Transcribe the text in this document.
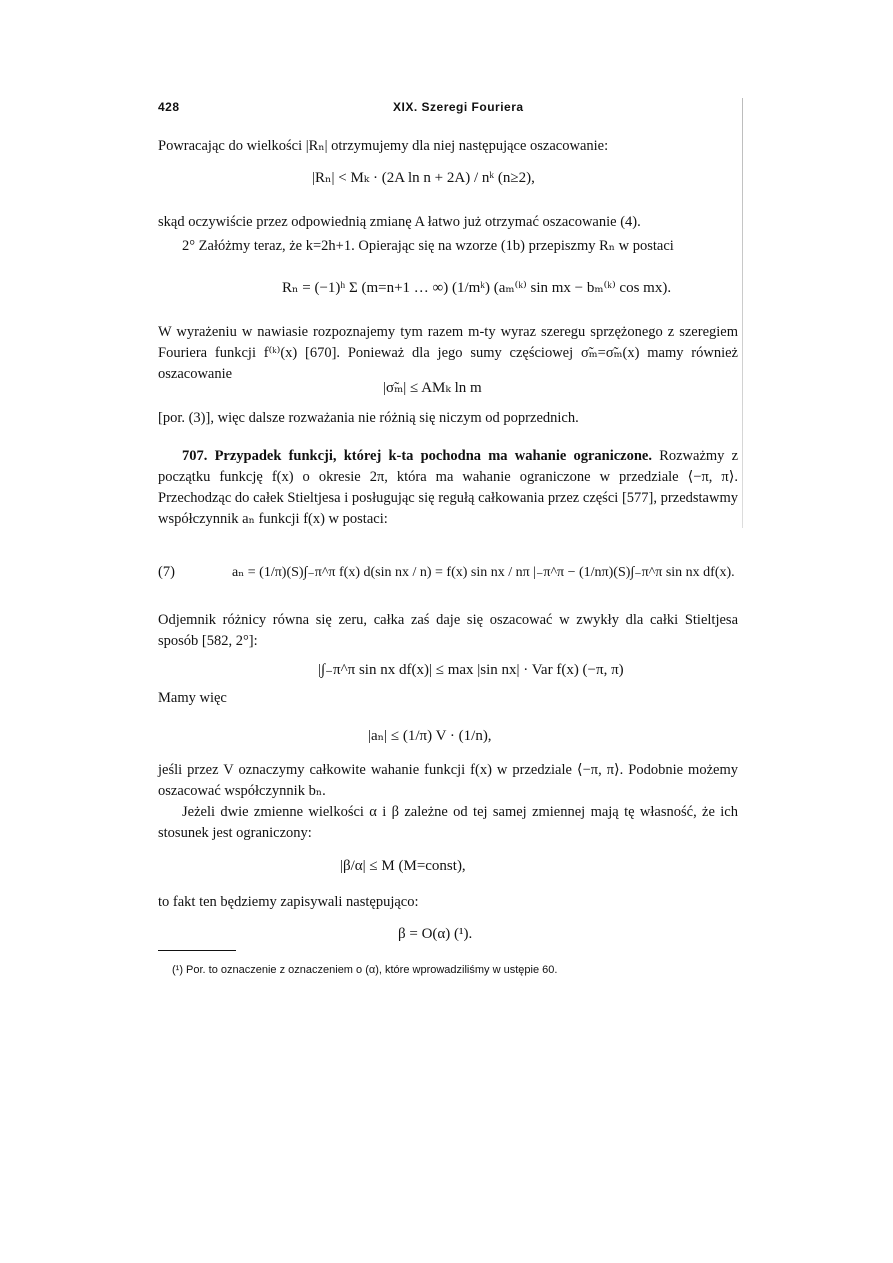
428	XIX. Szeregi Fouriera
Powracając do wielkości |Rₙ| otrzymujemy dla niej następujące oszacowanie:
|Rₙ| < Mₖ · (2A ln n + 2A) / nᵏ (n≥2),
skąd oczywiście przez odpowiednią zmianę A łatwo już otrzymać oszacowanie (4).
2° Załóżmy teraz, że k=2h+1. Opierając się na wzorze (1b) przepiszmy Rₙ w postaci
Rₙ = (−1)ʰ Σ (m=n+1 … ∞) (1/mᵏ) (aₘ⁽ᵏ⁾ sin mx − bₘ⁽ᵏ⁾ cos mx).
W wyrażeniu w nawiasie rozpoznajemy tym razem m-ty wyraz szeregu sprzężonego z szeregiem Fouriera funkcji f⁽ᵏ⁾(x) [670]. Ponieważ dla jego sumy częściowej σ̃ₘ=σ̃ₘ(x) mamy również oszacowanie
|σ̃ₘ| ≤ AMₖ ln m
[por. (3)], więc dalsze rozważania nie różnią się niczym od poprzednich.
707. Przypadek funkcji, której k-ta pochodna ma wahanie ograniczone. Rozważmy z początku funkcję f(x) o okresie 2π, która ma wahanie ograniczone w przedziale ⟨−π, π⟩. Przechodząc do całek Stieltjesa i posługując się regułą całkowania przez części [577], przedstawmy współczynnik aₙ funkcji f(x) w postaci:
(7)	aₙ = (1/π)(S)∫₋π^π f(x) d(sin nx / n) = f(x) sin nx / nπ |₋π^π − (1/nπ)(S)∫₋π^π sin nx df(x).
Odjemnik różnicy równa się zeru, całka zaś daje się oszacować w zwykły dla całki Stieltjesa sposób [582, 2°]:
|∫₋π^π sin nx df(x)| ≤ max |sin nx| · Var f(x) (−π, π)
Mamy więc
|aₙ| ≤ (1/π) V · (1/n),
jeśli przez V oznaczymy całkowite wahanie funkcji f(x) w przedziale ⟨−π, π⟩. Podobnie możemy oszacować współczynnik bₙ.
Jeżeli dwie zmienne wielkości α i β zależne od tej samej zmiennej mają tę własność, że ich stosunek jest ograniczony:
|β/α| ≤ M (M=const),
to fakt ten będziemy zapisywali następująco:
β = O(α) (¹).
(¹) Por. to oznaczenie z oznaczeniem o (α), które wprowadziliśmy w ustępie 60.
